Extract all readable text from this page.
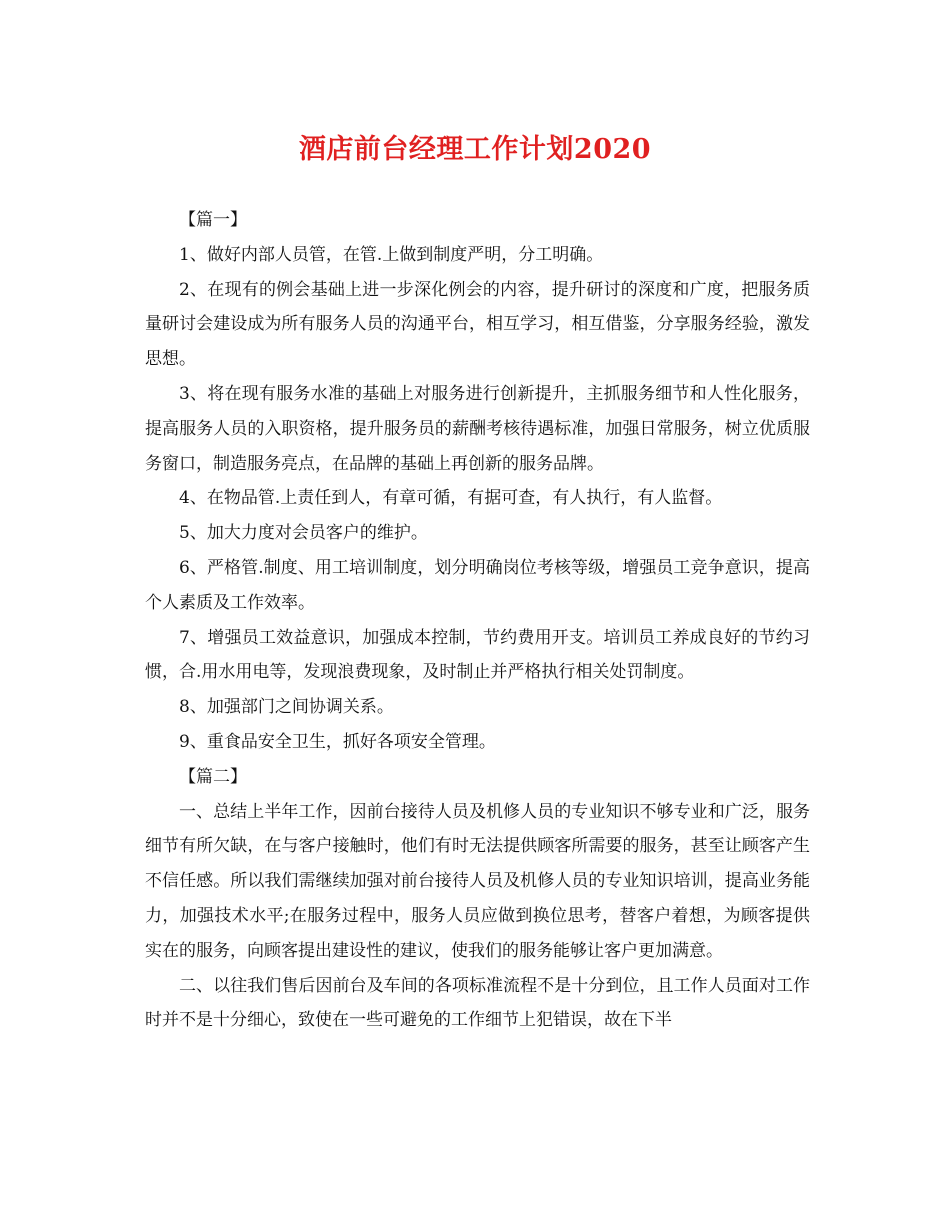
酒店前台经理工作计划2020

【篇一】

1、做好内部人员管，在管.上做到制度严明，分工明确。

2、在现有的例会基础上进一步深化例会的内容，提升研讨的深度和广度，把服务质量研讨会建设成为所有服务人员的沟通平台，相互学习，相互借鉴，分享服务经验，激发思想。

3、将在现有服务水准的基础上对服务进行创新提升，主抓服务细节和人性化服务，提高服务人员的入职资格，提升服务员的薪酬考核待遇标准，加强日常服务，树立优质服务窗口，制造服务亮点，在品牌的基础上再创新的服务品牌。

4、在物品管.上责任到人，有章可循，有据可查，有人执行，有人监督。

5、加大力度对会员客户的维护。

6、严格管.制度、用工培训制度，划分明确岗位考核等级，增强员工竞争意识，提高个人素质及工作效率。

7、增强员工效益意识，加强成本控制，节约费用开支。培训员工养成良好的节约习惯，合.用水用电等，发现浪费现象，及时制止并严格执行相关处罚制度。

8、加强部门之间协调关系。

9、重食品安全卫生，抓好各项安全管理。

【篇二】

一、总结上半年工作，因前台接待人员及机修人员的专业知识不够专业和广泛，服务细节有所欠缺，在与客户接触时，他们有时无法提供顾客所需要的服务，甚至让顾客产生不信任感。所以我们需继续加强对前台接待人员及机修人员的专业知识培训，提高业务能力，加强技术水平;在服务过程中，服务人员应做到换位思考，替客户着想，为顾客提供实在的服务，向顾客提出建设性的建议，使我们的服务能够让客户更加满意。

二、以往我们售后因前台及车间的各项标准流程不是十分到位，且工作人员面对工作时并不是十分细心，致使在一些可避免的工作细节上犯错误，故在下半
